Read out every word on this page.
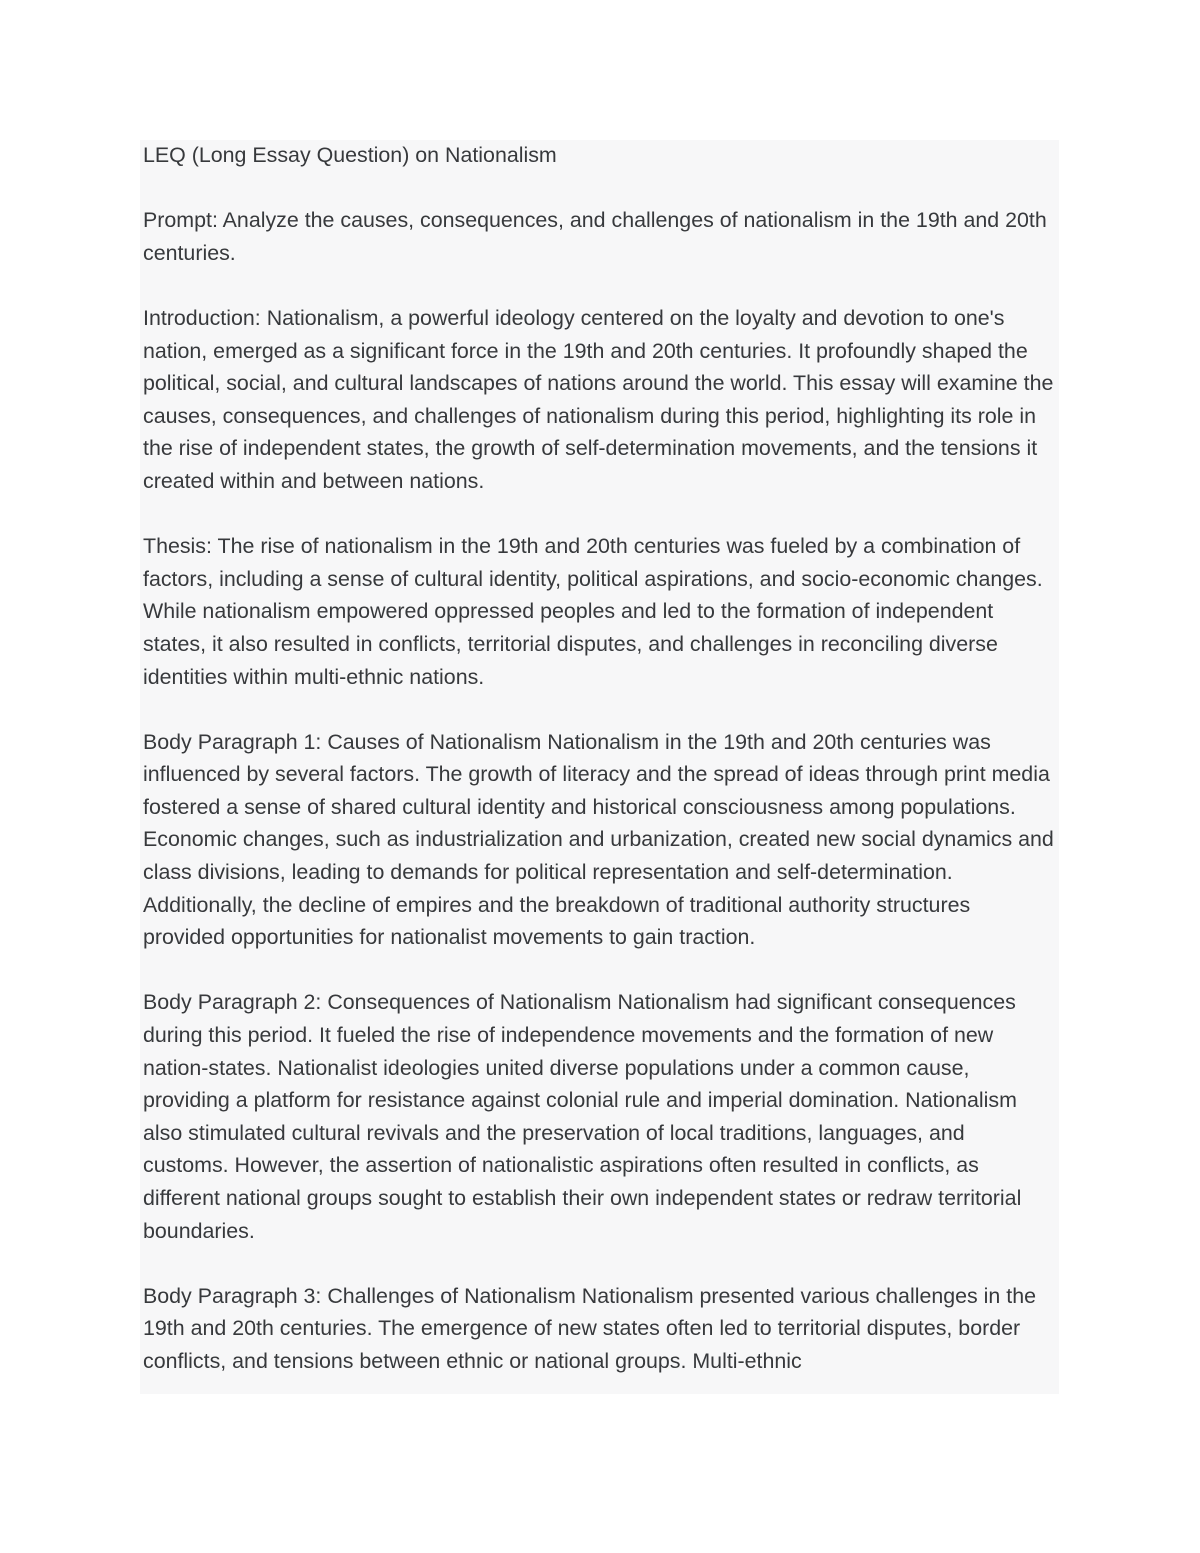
LEQ (Long Essay Question) on Nationalism

Prompt: Analyze the causes, consequences, and challenges of nationalism in the 19th and 20th centuries.

Introduction: Nationalism, a powerful ideology centered on the loyalty and devotion to one's nation, emerged as a significant force in the 19th and 20th centuries. It profoundly shaped the political, social, and cultural landscapes of nations around the world. This essay will examine the causes, consequences, and challenges of nationalism during this period, highlighting its role in the rise of independent states, the growth of self-determination movements, and the tensions it created within and between nations.

Thesis: The rise of nationalism in the 19th and 20th centuries was fueled by a combination of factors, including a sense of cultural identity, political aspirations, and socio-economic changes. While nationalism empowered oppressed peoples and led to the formation of independent states, it also resulted in conflicts, territorial disputes, and challenges in reconciling diverse identities within multi-ethnic nations.

Body Paragraph 1: Causes of Nationalism Nationalism in the 19th and 20th centuries was influenced by several factors. The growth of literacy and the spread of ideas through print media fostered a sense of shared cultural identity and historical consciousness among populations. Economic changes, such as industrialization and urbanization, created new social dynamics and class divisions, leading to demands for political representation and self-determination. Additionally, the decline of empires and the breakdown of traditional authority structures provided opportunities for nationalist movements to gain traction.

Body Paragraph 2: Consequences of Nationalism Nationalism had significant consequences during this period. It fueled the rise of independence movements and the formation of new nation-states. Nationalist ideologies united diverse populations under a common cause, providing a platform for resistance against colonial rule and imperial domination. Nationalism also stimulated cultural revivals and the preservation of local traditions, languages, and customs. However, the assertion of nationalistic aspirations often resulted in conflicts, as different national groups sought to establish their own independent states or redraw territorial boundaries.

Body Paragraph 3: Challenges of Nationalism Nationalism presented various challenges in the 19th and 20th centuries. The emergence of new states often led to territorial disputes, border conflicts, and tensions between ethnic or national groups. Multi-ethnic
